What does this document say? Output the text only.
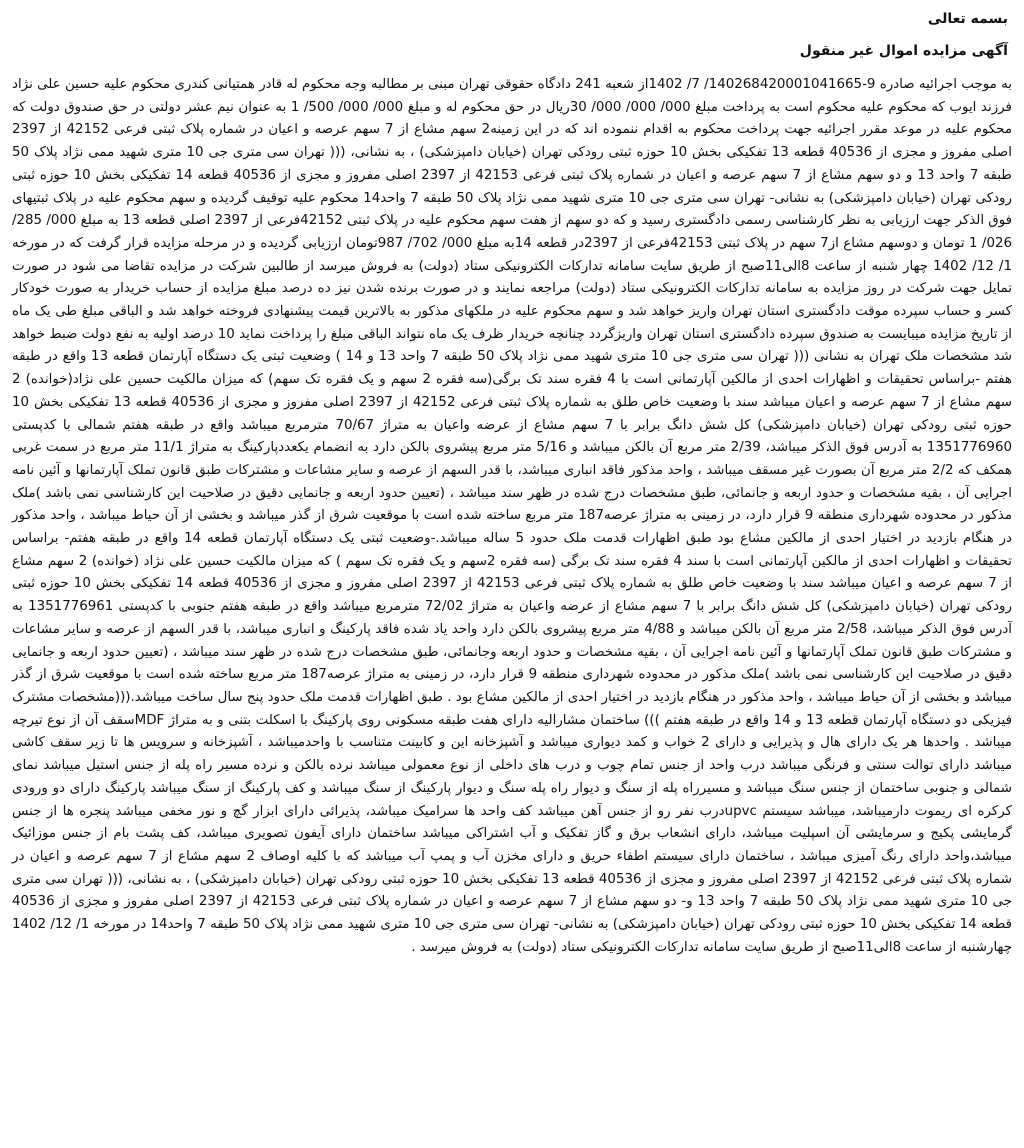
بسمه تعالی
آگهی مزایده اموال غیر منقول

به موجب اجرائیه صادره 9-140268420001041665/ 7/ 1402از شعبه 241 دادگاه حقوقی تهران مبنی بر مطالبه وجه محکوم له قادر همتیانی کندری محکوم علیه حسین علی نژاد فرزند ایوب که محکوم علیه محکوم است به پرداخت مبلغ 000/ 000/ 000/ 30ریال در حق محکوم له و مبلغ 000/ 000/ 500/ 1 به عنوان نیم عشر دولتی در حق صندوق دولت که محکوم علیه در موعد مقرر اجرائیه جهت پرداخت محکوم به اقدام ننموده اند که در این زمینه2 سهم مشاع از 7 سهم عرصه و اعیان در شماره پلاک ثبتی فرعی 42152 از 2397 اصلی مفروز و مجزی از 40536 قطعه 13 تفکیکی بخش 10 حوزه ثبتی رودکی تهران (خیابان دامپزشکی) ، به نشانی، ((( تهران سی متری جی 10 متری شهید ممی نژاد پلاک 50 طبقه 7 واحد 13 و دو سهم مشاع از 7 سهم عرصه و اعیان در شماره پلاک ثبتی فرعی 42153 از 2397 اصلی مفروز و مجزی از 40536 قطعه 14 تفکیکی بخش 10 حوزه ثبتی رودکی تهران (خیابان دامپزشکی) به نشانی- تهران سی متری جی 10 متری شهید ممی نژاد پلاک 50 طبقه 7 واحد14 محکوم علیه توقیف گردیده و سهم محکوم علیه در پلاک ثبتیهای فوق الذکر جهت ارزیابی به نظر کارشناسی رسمی دادگستری رسید و که دو سهم از هفت سهم محکوم علیه در پلاک ثبتی 42152فرعی از 2397 اصلی قطعه 13 به مبلغ 000/ 285/ 026/ 1 تومان و دوسهم مشاع از7 سهم در پلاک ثبتی 42153فرعی از 2397در قطعه 14به مبلغ 000/ 702/ 987تومان ارزیابی گردیده و در مرحله مزایده قرار گرفت که در مورخه 1/ 12/ 1402 چهار شنبه از ساعت 8الی11صبح از طریق سایت سامانه تدارکات الکترونیکی ستاد (دولت) به فروش میرسد از طالبین شرکت در مزایده تقاضا می شود در صورت تمایل جهت شرکت در روز مزایده به سامانه تدارکات الکترونیکی ستاد (دولت) مراجعه نمایند و در صورت برنده شدن نیز ده درصد مبلغ مزایده از حساب خریدار به صورت خودکار کسر و حساب سپرده موقت دادگستری استان تهران واریز خواهد شد و سهم محکوم علیه در ملکهای مذکور به بالاترین قیمت پیشنهادی فروخته خواهد شد و الباقی مبلغ طی یک ماه از تاریخ مزایده میبایست به صندوق سپرده دادگستری استان تهران واریزگردد چنانچه خریدار ظرف یک ماه نتواند الباقی مبلغ را پرداخت نماید 10 درصد اولیه به نفع دولت ضبط خواهد شد مشخصات ملک تهران به نشانی ((( تهران سی متری جی 10 متری شهید ممی نژاد پلاک 50 طبقه 7 واحد 13 و 14 ) وضعیت ثبتی یک دستگاه آپارتمان قطعه 13 واقع در طبقه هفتم -براساس تحقیقات و اظهارات احدی از مالکین آپارتمانی است با 4 فقره سند تک برگی(سه فقره 2 سهم و یک فقره تک سهم) که میزان مالکیت حسین علی نژاد(خوانده) 2 سهم مشاع از 7 سهم عرصه و اعیان میباشد سند با وضعیت خاص طلق به شماره پلاک ثبتی فرعی 42152 از 2397 اصلی مفروز و مجزی از 40536 قطعه 13 تفکیکی بخش 10 حوزه ثبتی رودکی تهران (خیابان دامپزشکی) کل شش دانگ برابر با 7 سهم مشاع از عرضه واعیان به متراژ 70/67 مترمربع میباشد واقع در طبقه هفتم شمالی با کدپستی 1351776960 به آدرس فوق الذکر میباشد، 2/39 متر مربع آن بالکن میباشد و 5/16 متر مربع پیشروی بالکن دارد به انضمام یکعددپارکینگ به متراژ 11/1 متر مربع در سمت غربی همکف که 2/2 متر مربع آن بصورت غیر مسقف میباشد ، واحد مذکور فاقد انباری میباشد، با قدر السهم از عرصه و سایر مشاعات و مشترکات طبق قانون تملک آپارتمانها و آئین نامه اجرایی آن ، بقیه مشخصات و حدود اربعه و جانمائی، طبق مشخصات درج شده در ظهر سند میباشد ، (تعیین حدود اربعه و جانمایی دقیق در صلاحیت این کارشناسی نمی باشد )ملک مذکور در محدوده شهرداری منطقه 9 قرار دارد، در زمینی به متراژ عرصه187 متر مربع ساخته شده است با موقعیت شرق از گذر میباشد و بخشی از آن حیاط میباشد ، واحد مذکور در هنگام بازدید در اختیار احدی از مالکین مشاع بود طبق اظهارات قدمت ملک حدود 5 ساله میباشد.-وضعیت ثبتی یک دستگاه آپارتمان قطعه 14 واقع در طبقه هفتم- براساس تحقیقات و اظهارات احدی از مالکین آپارتمانی است با سند 4 فقره سند تک برگی (سه فقره 2سهم و یک فقره تک سهم ) که میزان مالکیت حسین علی نژاد (خوانده) 2 سهم مشاع از 7 سهم عرصه و اعیان میباشد سند با وضعیت خاص طلق به شماره پلاک ثبتی فرعی 42153 از 2397 اصلی مفروز و مجزی از 40536 قطعه 14 تفکیکی بخش 10 حوزه ثبتی رودکی تهران (خیابان دامپزشکی) کل شش دانگ برابر با 7 سهم مشاع از عرضه واعیان به متراژ 72/02 مترمربع میباشد واقع در طبقه هفتم جنوبی با کدپستی 1351776961 به آدرس فوق الذکر میباشد، 2/58 متر مربع آن بالکن میباشد و 4/88 متر مربع پیشروی بالکن دارد واحد یاد شده فاقد پارکینگ و انباری میباشد، با قدر السهم از عرصه و سایر مشاعات و مشترکات طبق قانون تملک آپارتمانها و آئین نامه اجرایی آن ، بقیه مشخصات و حدود اربعه وجانمائی، طبق مشخصات درج شده در ظهر سند میباشد ، (تعیین حدود اربعه و جانمایی دقیق در صلاحیت این کارشناسی نمی باشد )ملک مذکور در محدوده شهرداری منطقه 9 قرار دارد، در زمینی به متراژ عرصه187 متر مربع ساخته شده است با موقعیت شرق از گذر میباشد و بخشی از آن حیاط میباشد ، واحد مذکور در هنگام بازدید در اختیار احدی از مالکین مشاع بود . طبق اظهارات قدمت ملک حدود پنج سال ساخت میباشد.(((مشخصات مشترک فیزیکی دو دستگاه آپارتمان قطعه 13 و 14 واقع در طبقه هفتم ))) ساختمان مشارالیه دارای هفت طبقه مسکونی روی پارکینگ با اسکلت بتنی و به متراژ MDFسقف آن از نوع تیرچه میباشد . واحدها هر یک دارای هال و پذیرایی و دارای 2 خواب و کمد دیواری میباشد و آشپزخانه این و کابینت متناسب با واحدمیباشد ، آشپزخانه و سرویس ها تا زیر سقف کاشی میباشد دارای توالت سنتی و فرنگی میباشد درب واحد از جنس تمام چوب و درب های داخلی از نوع معمولی میباشد نرده بالکن و نرده مسیر راه پله از جنس استیل میباشد نمای شمالی و جنوبی ساختمان از جنس سنگ میباشد و مسیرراه پله از سنگ و دیوار راه پله سنگ و دیوار پارکینگ از سنگ میباشد و کف پارکینگ از سنگ میباشد پارکینگ دارای دو ورودی کرکره ای ریموت دارمیباشد، میباشد سیستم upvcدرب نفر رو از جنس آهن میباشد کف واحد ها سرامیک میباشد، پذیرائی دارای ابزار گچ و نور مخفی میباشد پنجره ها از جنس گرمایشی پکیج و سرمایشی آن اسپلیت میباشد، دارای انشعاب برق و گاز تفکیک و آب اشتراکی میباشد ساختمان دارای آیفون تصویری میباشد، کف پشت بام از جنس موزائیک میباشد،واحد دارای رنگ آمیزی میباشد ، ساختمان دارای سیستم اطفاء حریق و دارای مخزن آب و پمپ آب میباشد که با کلیه اوصاف 2 سهم مشاع از 7 سهم عرصه و اعیان در شماره پلاک ثبتی فرعی 42152 از 2397 اصلی مفروز و مجزی از 40536 قطعه 13 تفکیکی بخش 10 حوزه ثبتی رودکی تهران (خیابان دامپزشکی) ، به نشانی، ((( تهران سی متری جی 10 متری شهید ممی نژاد پلاک 50 طبقه 7 واحد 13 و- دو سهم مشاع از 7 سهم عرصه و اعیان در شماره پلاک ثبتی فرعی 42153 از 2397 اصلی مفروز و مجزی از 40536 قطعه 14 تفکیکی بخش 10 حوزه ثبتی رودکی تهران (خیابان دامپزشکی) به نشانی- تهران سی متری جی 10 متری شهید ممی نژاد پلاک 50 طبقه 7 واحد14 در مورخه 1/ 12/ 1402 چهارشنبه از ساعت 8الی11صبح از طریق سایت سامانه تدارکات الکترونیکی ستاد (دولت) به فروش میرسد .
